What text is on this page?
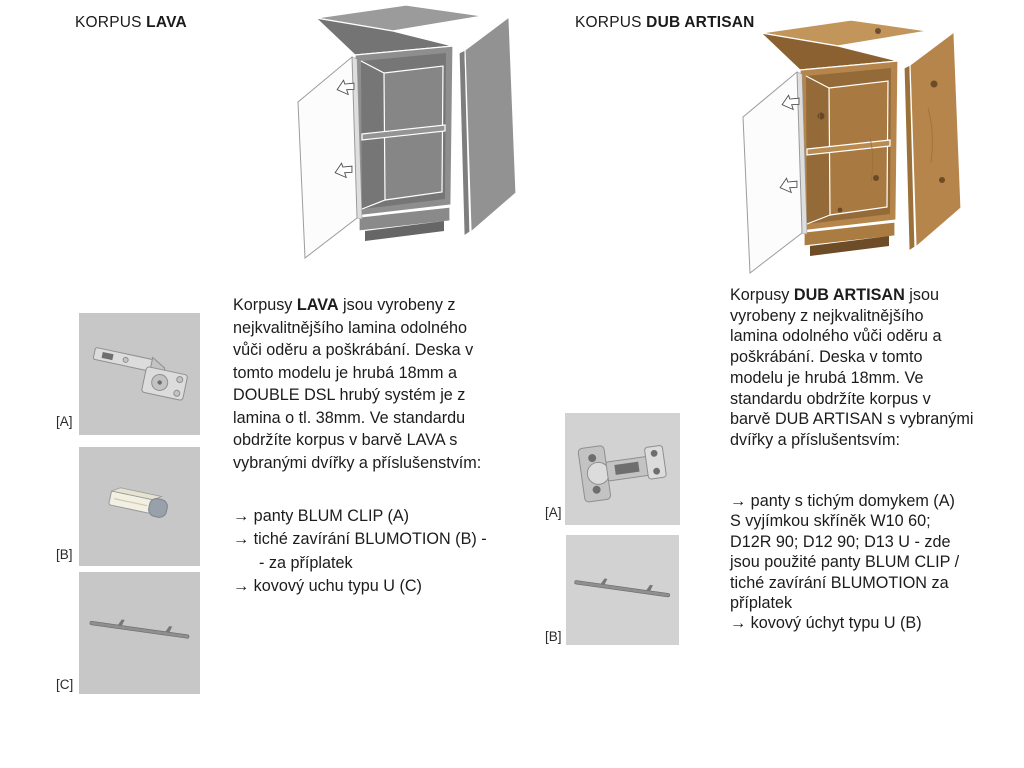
KORPUS LAVA
[A]
[B]
[C]
Korpusy LAVA jsou vyrobeny z
nejkvalitnějšího lamina odolného
vůči oděru a poškrábání. Deska v
tomto modelu je hrubá 18mm a
DOUBLE DSL hrubý systém je z
lamina o tl. 38mm. Ve standardu
obdržíte korpus v barvě LAVA s
vybranými dvířky a příslušenstvím:
→ panty BLUM CLIP (A)
→ tiché zavírání BLUMOTION (B) -
- za příplatek
→ kovový uchu typu U (C)
KORPUS DUB ARTISAN
[A]
[B]
Korpusy DUB ARTISAN jsou
vyrobeny z nejkvalitnějšího
lamina odolného vůči oděru a
poškrábání. Deska v tomto
modelu je hrubá 18mm. Ve
standardu obdržíte korpus v
barvě DUB ARTISAN s vybranými
dvířky a příslušentsvím:
→ panty s tichým domykem (A)
S vyjímkou skříněk W10 60;
D12R 90; D12 90; D13 U - zde
jsou použité panty BLUM CLIP /
tiché zavírání BLUMOTION za
příplatek
→ kovový úchyt typu U (B)
